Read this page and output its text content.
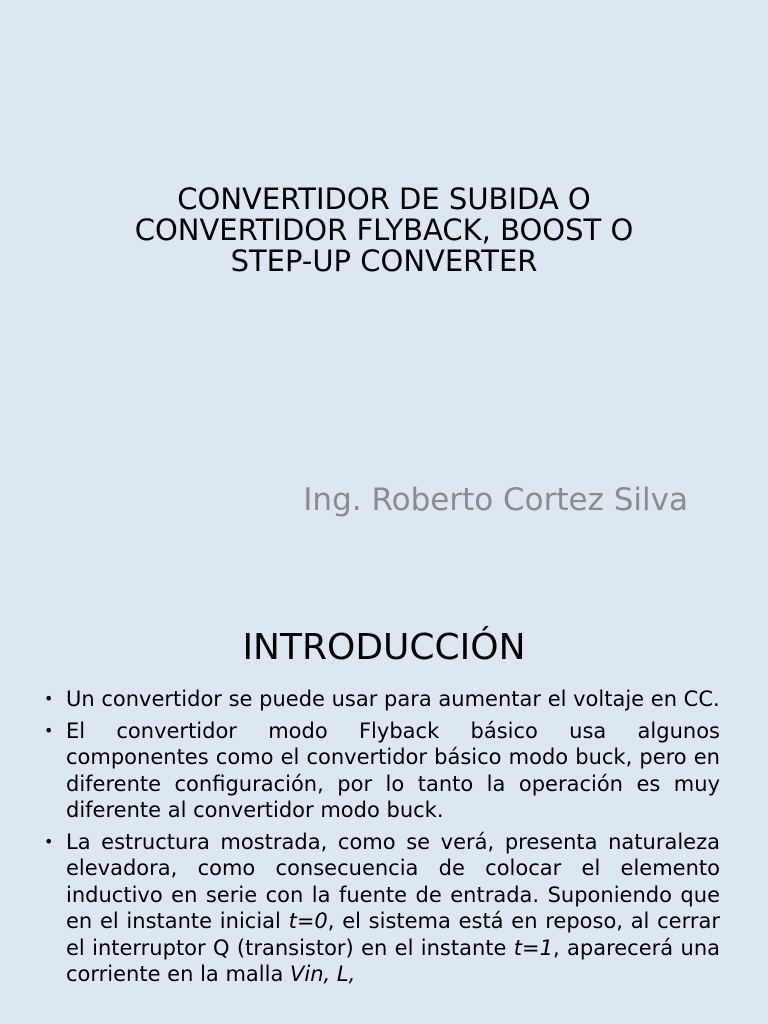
CONVERTIDOR DE SUBIDA O
CONVERTIDOR FLYBACK, BOOST O
STEP-UP CONVERTER
Ing. Roberto Cortez Silva
INTRODUCCIÓN
• Un convertidor se puede usar para aumentar el voltaje en CC.
• El convertidor modo Flyback básico usa algunos componentes como el convertidor básico modo buck, pero en diferente configuración, por lo tanto la operación es muy diferente al convertidor modo buck.
• La estructura mostrada, como se verá, presenta naturaleza elevadora, como consecuencia de colocar el elemento inductivo en serie con la fuente de entrada. Suponiendo que en el instante inicial t=0, el sistema está en reposo, al cerrar el interruptor Q (transistor) en el instante t=1, aparecerá una corriente en la malla Vin, L,
